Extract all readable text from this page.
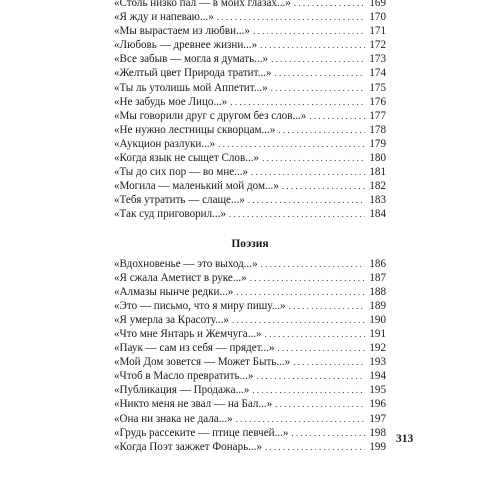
«Столь низко пал — в моих глазах...» . . .	169
«Я жду и напеваю...» . . .	170
«Мы вырастаем из любви...» . . .	171
«Любовь — древнее жизни...» . . .	172
«Все забыв — могла я думать...» . . .	173
«Желтый цвет Природа тратит...» . . .	174
«Ты ль утолишь мой Аппетит...» . . .	175
«Не забудь мое Лицо...» . . .	176
«Мы говорили друг с другом без слов...» . . .	177
«Не нужно лестницы скворцам...» . . .	178
«Аукцион разлуки...» . . .	179
«Когда язык не сыщет Слов...» . . .	180
«Ты до сих пор — во мне...» . . .	181
«Могила — маленький мой дом...» . . .	182
«Тебя утратить — слаще...» . . .	183
«Так суд приговорил...» . . .	184
Поэзия
«Вдохновенье — это выход...» . . .	186
«Я сжала Аметист в руке...» . . .	187
«Алмазы нынче редки...» . . .	188
«Это — письмо, что я миру пишу...» . . .	189
«Я умерла за Красоту...» . . .	190
«Что мне Янтарь и Жемчуга...» . . .	191
«Паук — сам из себя — прядет...» . . .	192
«Мой Дом зовется — Может Быть...» . . .	193
«Чтоб в Масло превратить...» . . .	194
«Публикация — Продажа...» . . .	195
«Никто меня не звал — на Бал...» . . .	196
«Она ни знака не дала...» . . .	197
«Грудь рассеките — птице певчей...» . . .	198
«Когда Поэт зажжет Фонарь...» . . .	199
313
